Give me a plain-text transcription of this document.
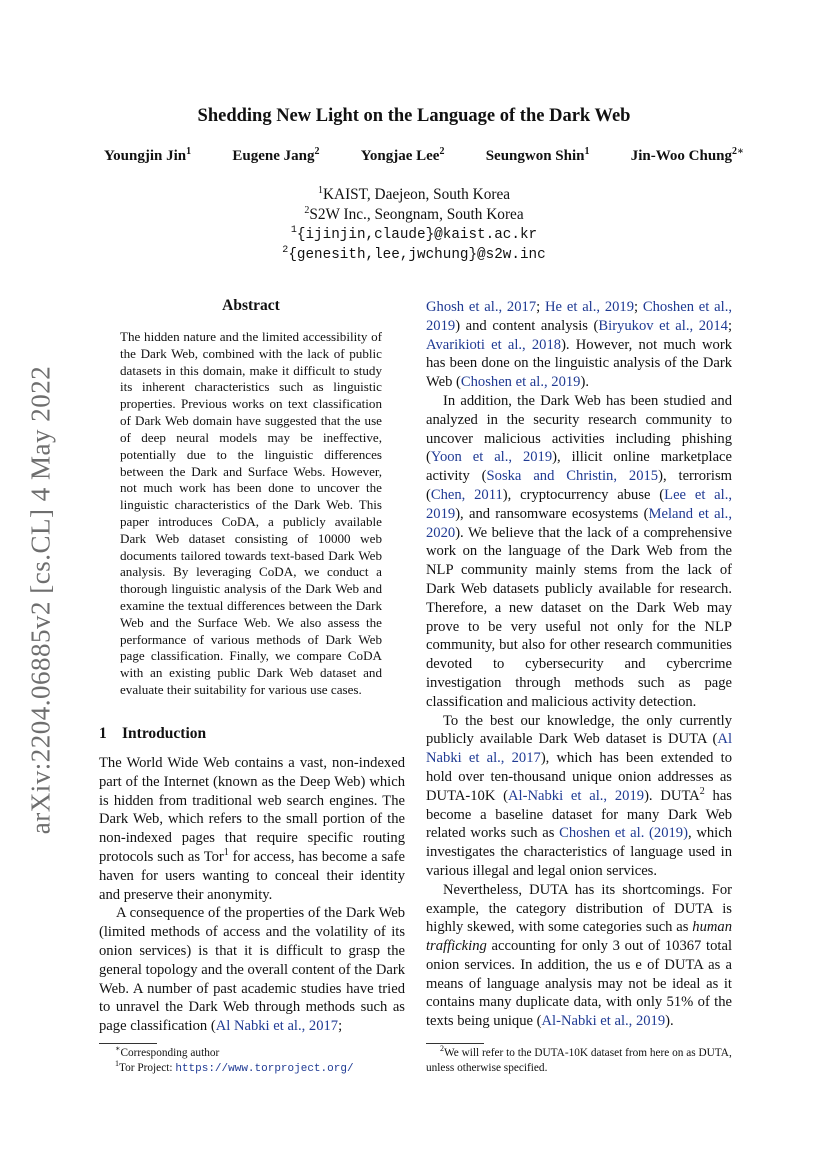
arXiv:2204.06885v2 [cs.CL] 4 May 2022
Shedding New Light on the Language of the Dark Web
Youngjin Jin$^1$	Eugene Jang$^2$	Yongjae Lee$^2$	Seungwon Shin$^1$	Jin-Woo Chung$^{2∗}$
$^1$KAIST, Daejeon, South Korea
$^2$S2W Inc., Seongnam, South Korea
$^1${ijinjin,claude}@kaist.ac.kr
$^2${genesith,lee,jwchung}@s2w.inc
Abstract
The hidden nature and the limited accessibility of the Dark Web, combined with the lack of public datasets in this domain, make it difficult to study its inherent characteristics such as linguistic properties. Previous works on text classification of Dark Web domain have suggested that the use of deep neural models may be ineffective, potentially due to the linguistic differences between the Dark and Surface Webs. However, not much work has been done to uncover the linguistic characteristics of the Dark Web. This paper introduces CoDA, a publicly available Dark Web dataset consisting of 10000 web documents tailored towards text-based Dark Web analysis. By leveraging CoDA, we conduct a thorough linguistic analysis of the Dark Web and examine the textual differences between the Dark Web and the Surface Web. We also assess the performance of various methods of Dark Web page classification. Finally, we compare CoDA with an existing public Dark Web dataset and evaluate their suitability for various use cases.
1 Introduction

The World Wide Web contains a vast, non-indexed part of the Internet (known as the Deep Web) which is hidden from traditional web search engines. The Dark Web, which refers to the small portion of the non-indexed pages that require specific routing protocols such as Tor$^1$ for access, has become a safe haven for users wanting to conceal their identity and preserve their anonymity.

A consequence of the properties of the Dark Web (limited methods of access and the volatility of its onion services) is that it is difficult to grasp the general topology and the overall content of the Dark Web. A number of past academic studies have tried to unravel the Dark Web through methods such as page classification (Al Nabki et al., 2017;

∗Corresponding author
$^1$Tor Project: https://www.torproject.org/

Ghosh et al., 2017; He et al., 2019; Choshen et al., 2019) and content analysis (Biryukov et al., 2014; Avarikioti et al., 2018). However, not much work has been done on the linguistic analysis of the Dark Web (Choshen et al., 2019).

In addition, the Dark Web has been studied and analyzed in the security research community to uncover malicious activities including phishing (Yoon et al., 2019), illicit online marketplace activity (Soska and Christin, 2015), terrorism (Chen, 2011), cryptocurrency abuse (Lee et al., 2019), and ransomware ecosystems (Meland et al., 2020). We believe that the lack of a comprehensive work on the language of the Dark Web from the NLP community mainly stems from the lack of Dark Web datasets publicly available for research. Therefore, a new dataset on the Dark Web may prove to be very useful not only for the NLP community, but also for other research communities devoted to cybersecurity and cybercrime investigation through methods such as page classification and malicious activity detection.

To the best our knowledge, the only currently publicly available Dark Web dataset is DUTA (Al Nabki et al., 2017), which has been extended to hold over ten-thousand unique onion addresses as DUTA-10K (Al-Nabki et al., 2019). DUTA$^2$ has become a baseline dataset for many Dark Web related works such as Choshen et al. (2019), which investigates the characteristics of language used in various illegal and legal onion services.

Nevertheless, DUTA has its shortcomings. For example, the category distribution of DUTA is highly skewed, with some categories such as human trafficking accounting for only 3 out of 10367 total onion services. In addition, the us e of DUTA as a means of language analysis may not be ideal as it contains many duplicate data, with only 51% of the texts being unique (Al-Nabki et al., 2019).

$^2$We will refer to the DUTA-10K dataset from here on as DUTA, unless otherwise specified.
